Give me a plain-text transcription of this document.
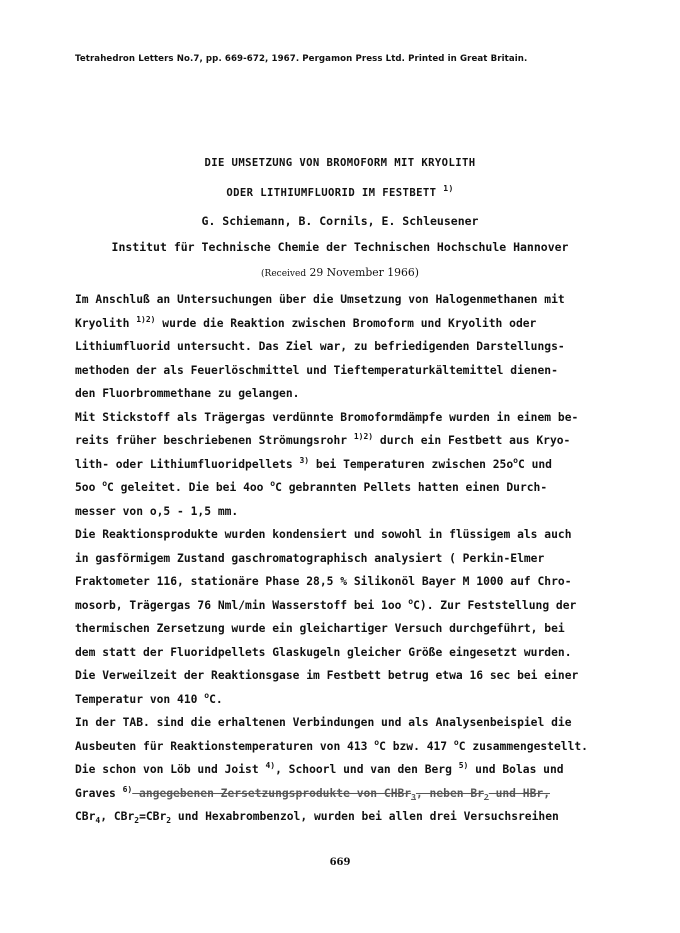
Tetrahedron Letters No.7, pp. 669-672, 1967. Pergamon Press Ltd. Printed in Great Britain.
DIE UMSETZUNG VON BROMOFORM MIT KRYOLITH
ODER LITHIUMFLUORID IM FESTBETT $^{1)}$
G. Schiemann, B. Cornils, E. Schleusener
Institut für Technische Chemie der Technischen Hochschule Hannover
(Received 29 November 1966)
Im Anschluß an Untersuchungen über die Umsetzung von Halogenmethanen mit
Kryolith $^{1)2)}$ wurde die Reaktion zwischen Bromoform und Kryolith oder
Lithiumfluorid untersucht. Das Ziel war, zu befriedigenden Darstellungs-
methoden der als Feuerlöschmittel und Tieftemperaturkältemittel dienen-
den Fluorbrommethane zu gelangen.
Mit Stickstoff als Trägergas verdünnte Bromoformdämpfe wurden in einem be-
reits früher beschriebenen Strömungsrohr $^{1)2)}$ durch ein Festbett aus Kryo-
lith- oder Lithiumfluoridpellets $^{3)}$ bei Temperaturen zwischen $25o^oC$ und
5oo $^o$C geleitet. Die bei 4oo $^o$C gebrannten Pellets hatten einen Durch-
messer von o,5 - 1,5 mm.
Die Reaktionsprodukte wurden kondensiert und sowohl in flüssigem als auch
in gasförmigem Zustand gaschromatographisch analysiert ( Perkin-Elmer
Fraktometer 116, stationäre Phase 28,5 % Silikonöl Bayer M 1000 auf Chro-
mosorb, Trägergas 76 Nml/min Wasserstoff bei 1oo $^o$C). Zur Feststellung der
thermischen Zersetzung wurde ein gleichartiger Versuch durchgeführt, bei
dem statt der Fluoridpellets Glaskugeln gleicher Größe eingesetzt wurden.
Die Verweilzeit der Reaktionsgase im Festbett betrug etwa 16 sec bei einer
Temperatur von 410 $^o$C.
In der TAB. sind die erhaltenen Verbindungen und als Analysenbeispiel die
Ausbeuten für Reaktionstemperaturen von 413 $^o$C bzw. 417 $^o$C zusammengestellt.
Die schon von Löb und Joist $^{4)}$, Schoorl und van den Berg $^{5)}$ und Bolas und
Graves $^{6)}$ angegebenen Zersetzungsprodukte von CHBr$_3$, neben $Br_2$ und HBr,
CBr$_4$, CBr$_2$=CBr$_2$ und Hexabrombenzol, wurden bei allen drei Versuchsreihen
669
